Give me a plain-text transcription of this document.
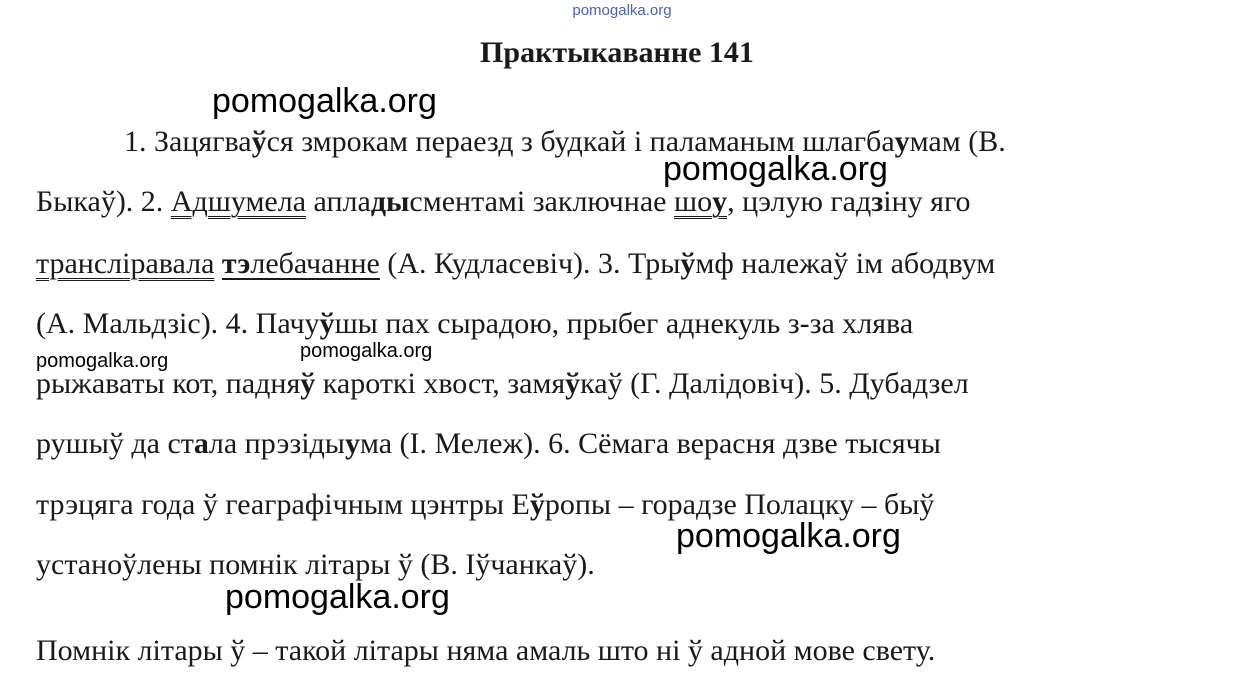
pomogalka.org
Практыкаванне 141
1. Зацягваўся змрокам пераезд з будкай і паламаным шлагбаумам (В.
Быкаў). 2. Адшумела апладысментамі заключнае шоу, цэлую гадзіну яго
трансліравала тэлебачанне (А. Кудласевіч). 3. Трыўмф належаў ім абодвум
(А. Мальдзіс). 4. Пачуўшы пах сырадою, прыбег аднекуль з-за хлява
рыжаваты кот, падняў кароткі хвост, замяўкаў (Г. Далідовіч). 5. Дубадзел
рушыў да стала прэзідыума (І. Мележ). 6. Сёмага верасня дзве тысячы
трэцяга года ў геаграфічным цэнтры Еўропы – горадзе Полацку – быў
устаноўлены помнік літары ў (В. Іўчанкаў).
Помнік літары ў – такой літары няма амаль што ні ў адной мове свету.
pomogalka.org
pomogalka.org
pomogalka.org	pomogalka.org
pomogalka.org
pomogalka.org
